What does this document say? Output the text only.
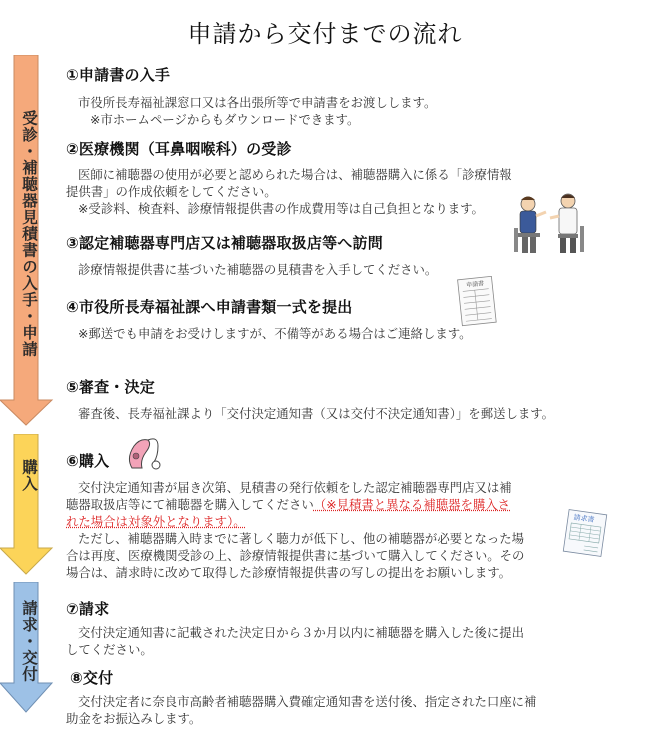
申請から交付までの流れ
受診・補聴器見積書の入手・申請
購入
請求・交付
①申請書の入手
市役所長寿福祉課窓口又は各出張所等で申請書をお渡しします。
※市ホームページからもダウンロードできます。
②医療機関（耳鼻咽喉科）の受診
医師に補聴器の使用が必要と認められた場合は、補聴器購入に係る「診療情報
提供書」の作成依頼をしてください。
※受診料、検査料、診療情報提供書の作成費用等は自己負担となります。
③認定補聴器専門店又は補聴器取扱店等へ訪問
診療情報提供書に基づいた補聴器の見積書を入手してください。
申請書
④市役所長寿福祉課へ申請書類一式を提出
※郵送でも申請をお受けしますが、不備等がある場合はご連絡します。
⑤審査・決定
審査後、長寿福祉課より「交付決定通知書（又は交付不決定通知書）」を郵送します。
⑥購入
交付決定通知書が届き次第、見積書の発行依頼をした認定補聴器専門店又は補
聴器取扱店等にて補聴器を購入してください（※見積書と異なる補聴器を購入さ
れた場合は対象外となります）。
ただし、補聴器購入時までに著しく聴力が低下し、他の補聴器が必要となった場
合は再度、医療機関受診の上、診療情報提供書に基づいて購入してください。その
場合は、請求時に改めて取得した診療情報提供書の写しの提出をお願いします。
請求書
⑦請求
交付決定通知書に記載された決定日から３か月以内に補聴器を購入した後に提出
してください。
⑧交付
交付決定者に奈良市高齢者補聴器購入費確定通知書を送付後、指定された口座に補
助金をお振込みします。
